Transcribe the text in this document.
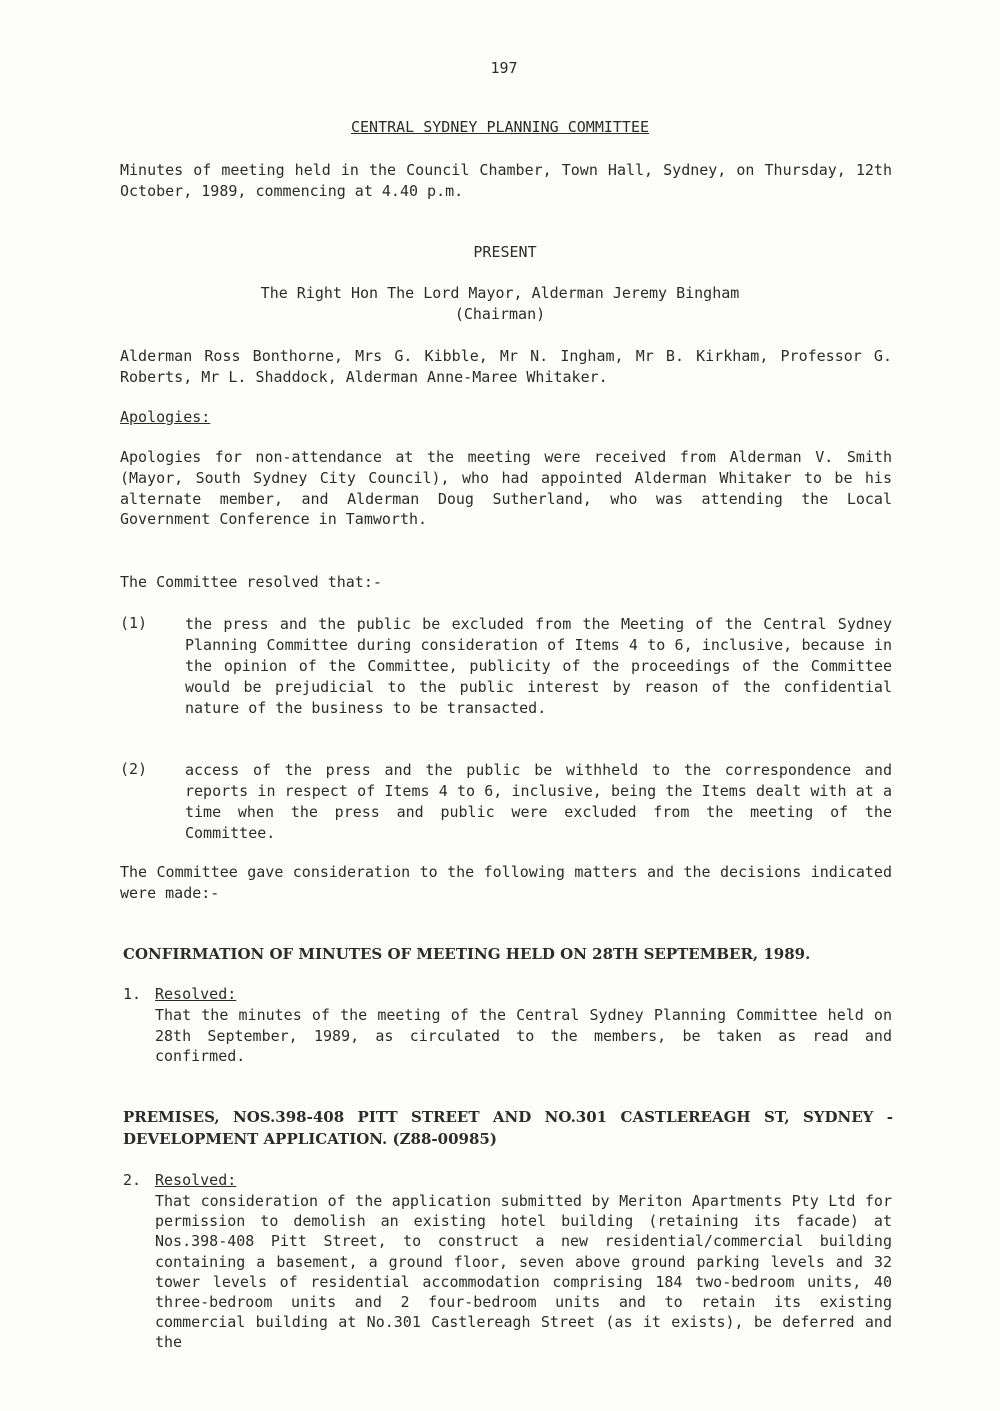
197
CENTRAL SYDNEY PLANNING COMMITTEE
Minutes of meeting held in the Council Chamber, Town Hall, Sydney, on Thursday, 12th October, 1989, commencing at 4.40 p.m.
PRESENT
The Right Hon The Lord Mayor, Alderman Jeremy Bingham
(Chairman)
Alderman Ross Bonthorne, Mrs G. Kibble, Mr N. Ingham, Mr B. Kirkham, Professor G. Roberts, Mr L. Shaddock, Alderman Anne-Maree Whitaker.
Apologies:
Apologies for non-attendance at the meeting were received from Alderman V. Smith (Mayor, South Sydney City Council), who had appointed Alderman Whitaker to be his alternate member, and Alderman Doug Sutherland, who was attending the Local Government Conference in Tamworth.
The Committee resolved that:-
(1)	the press and the public be excluded from the Meeting of the Central Sydney Planning Committee during consideration of Items 4 to 6, inclusive, because in the opinion of the Committee, publicity of the proceedings of the Committee would be prejudicial to the public interest by reason of the confidential nature of the business to be transacted.
(2)	access of the press and the public be withheld to the correspondence and reports in respect of Items 4 to 6, inclusive, being the Items dealt with at a time when the press and public were excluded from the meeting of the Committee.
The Committee gave consideration to the following matters and the decisions indicated were made:-
CONFIRMATION OF MINUTES OF MEETING HELD ON 28TH SEPTEMBER, 1989.
1. Resolved:
That the minutes of the meeting of the Central Sydney Planning Committee held on 28th September, 1989, as circulated to the members, be taken as read and confirmed.
PREMISES, NOS.398-408 PITT STREET AND NO.301 CASTLEREAGH ST, SYDNEY - DEVELOPMENT APPLICATION. (Z88-00985)
2. Resolved:
That consideration of the application submitted by Meriton Apartments Pty Ltd for permission to demolish an existing hotel building (retaining its facade) at Nos.398-408 Pitt Street, to construct a new residential/commercial building containing a basement, a ground floor, seven above ground parking levels and 32 tower levels of residential accommodation comprising 184 two-bedroom units, 40 three-bedroom units and 2 four-bedroom units and to retain its existing commercial building at No.301 Castlereagh Street (as it exists), be deferred and the
